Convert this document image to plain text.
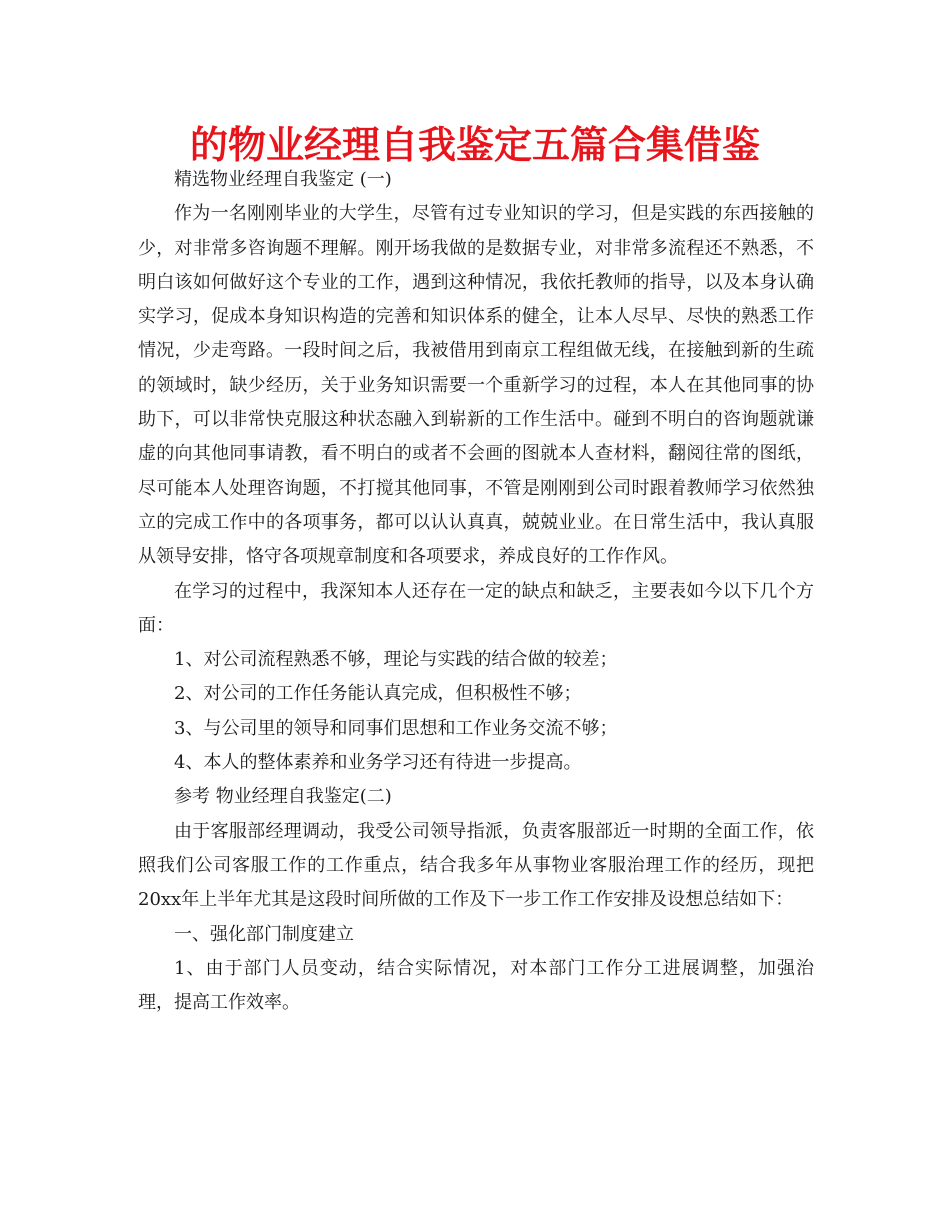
的物业经理自我鉴定五篇合集借鉴

精选物业经理自我鉴定 (一)

作为一名刚刚毕业的大学生，尽管有过专业知识的学习，但是实践的东西接触的少，对非常多咨询题不理解。刚开场我做的是数据专业，对非常多流程还不熟悉，不明白该如何做好这个专业的工作，遇到这种情况，我依托教师的指导，以及本身认确实学习，促成本身知识构造的完善和知识体系的健全，让本人尽早、尽快的熟悉工作情况，少走弯路。一段时间之后，我被借用到南京工程组做无线，在接触到新的生疏的领域时，缺少经历，关于业务知识需要一个重新学习的过程，本人在其他同事的协助下，可以非常快克服这种状态融入到崭新的工作生活中。碰到不明白的咨询题就谦虚的向其他同事请教，看不明白的或者不会画的图就本人查材料，翻阅往常的图纸，尽可能本人处理咨询题，不打搅其他同事，不管是刚刚到公司时跟着教师学习依然独立的完成工作中的各项事务，都可以认认真真，兢兢业业。在日常生活中，我认真服从领导安排，恪守各项规章制度和各项要求，养成良好的工作作风。

在学习的过程中，我深知本人还存在一定的缺点和缺乏，主要表如今以下几个方面：

1、对公司流程熟悉不够，理论与实践的结合做的较差；

2、对公司的工作任务能认真完成，但积极性不够；

3、与公司里的领导和同事们思想和工作业务交流不够；

4、本人的整体素养和业务学习还有待进一步提高。

参考 物业经理自我鉴定(二)

由于客服部经理调动，我受公司领导指派，负责客服部近一时期的全面工作，依照我们公司客服工作的工作重点，结合我多年从事物业客服治理工作的经历，现把20xx年上半年尤其是这段时间所做的工作及下一步工作工作安排及设想总结如下：

一、强化部门制度建立

1、由于部门人员变动，结合实际情况，对本部门工作分工进展调整，加强治理，提高工作效率。
